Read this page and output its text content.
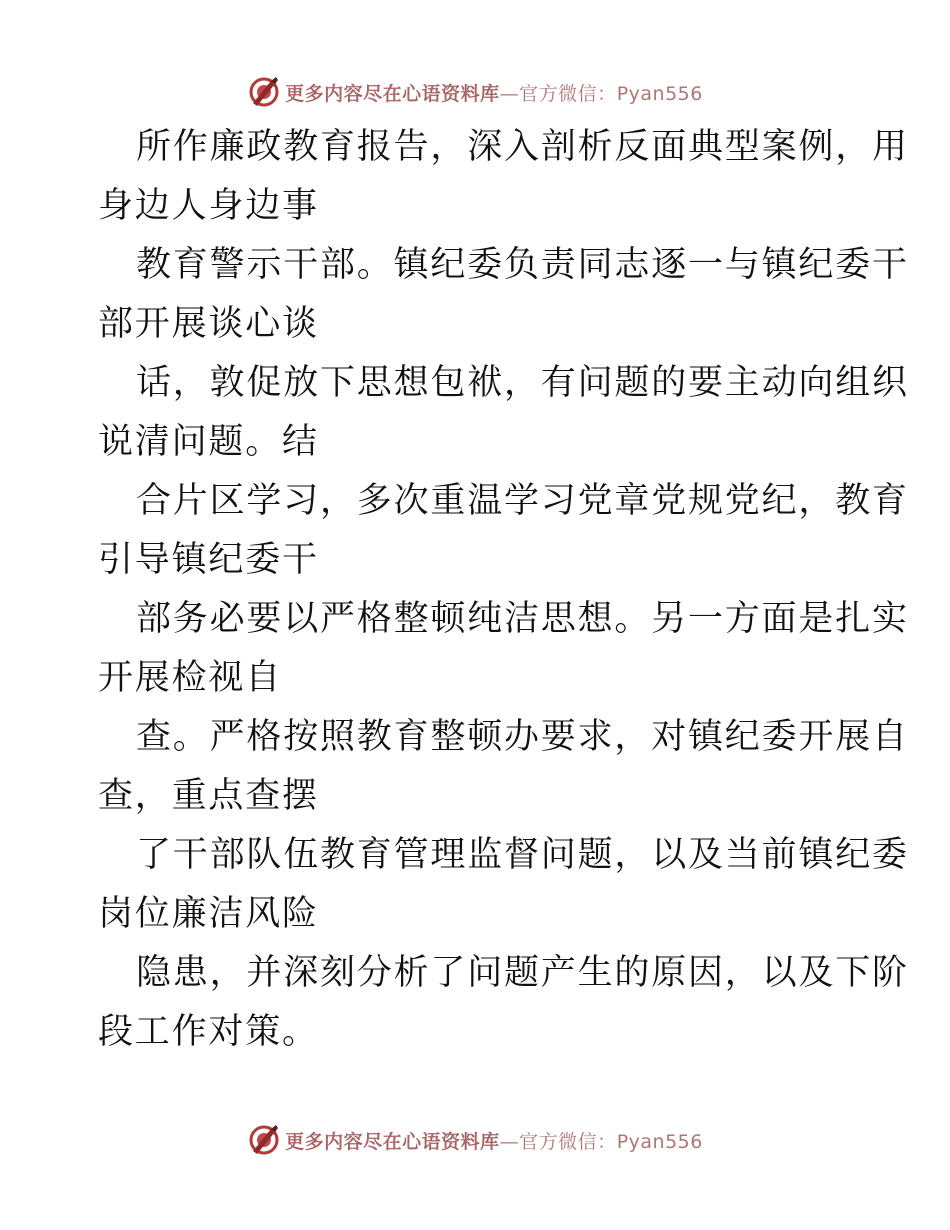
更多内容尽在心语资料库—官方微信：Pyan556
所作廉政教育报告，深入剖析反面典型案例，用
身边人身边事
教育警示干部。镇纪委负责同志逐一与镇纪委干
部开展谈心谈
话，敦促放下思想包袱，有问题的要主动向组织
说清问题。结
合片区学习，多次重温学习党章党规党纪，教育
引导镇纪委干
部务必要以严格整顿纯洁思想。另一方面是扎实
开展检视自
查。严格按照教育整顿办要求，对镇纪委开展自
查，重点查摆
了干部队伍教育管理监督问题，以及当前镇纪委
岗位廉洁风险
隐患，并深刻分析了问题产生的原因，以及下阶
段工作对策。
更多内容尽在心语资料库—官方微信：Pyan556
